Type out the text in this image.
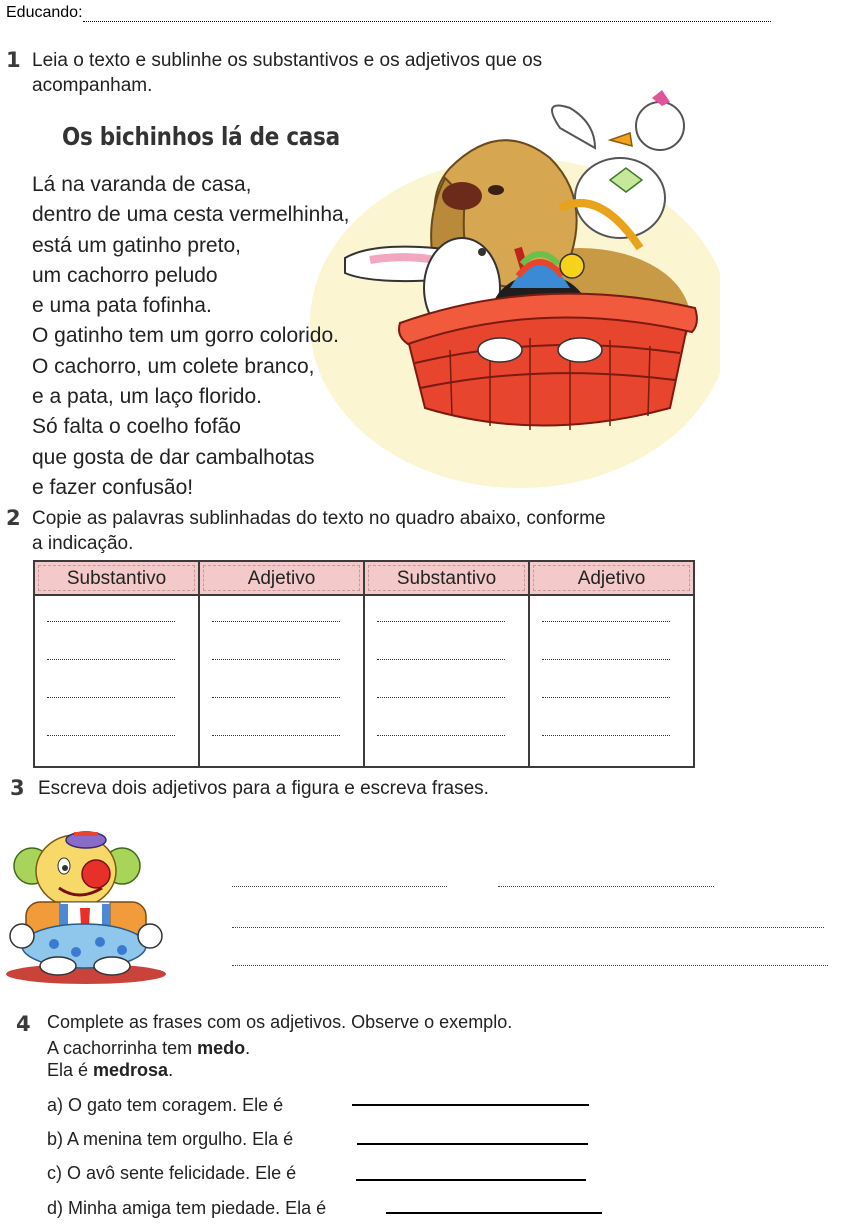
Educando:
1 Leia o texto e sublinhe os substantivos e os adjetivos que os
acompanham.
Os bichinhos lá de casa
Lá na varanda de casa,
dentro de uma cesta vermelhinha,
está um gatinho preto,
um cachorro peludo
e uma pata fofinha.
O gatinho tem um gorro colorido.
O cachorro, um colete branco,
e a pata, um laço florido.
Só falta o coelho fofão
que gosta de dar cambalhotas
e fazer confusão!
2 Copie as palavras sublinhadas do texto no quadro abaixo, conforme
a indicação.
Substantivo	Adjetivo	Substantivo	Adjetivo

3 Escreva dois adjetivos para a figura e escreva frases.
4 Complete as frases com os adjetivos. Observe o exemplo.
A cachorrinha tem medo.
Ela é medrosa.
a) O gato tem coragem. Ele é
b) A menina tem orgulho. Ela é
c) O avô sente felicidade. Ele é
d) Minha amiga tem piedade. Ela é
